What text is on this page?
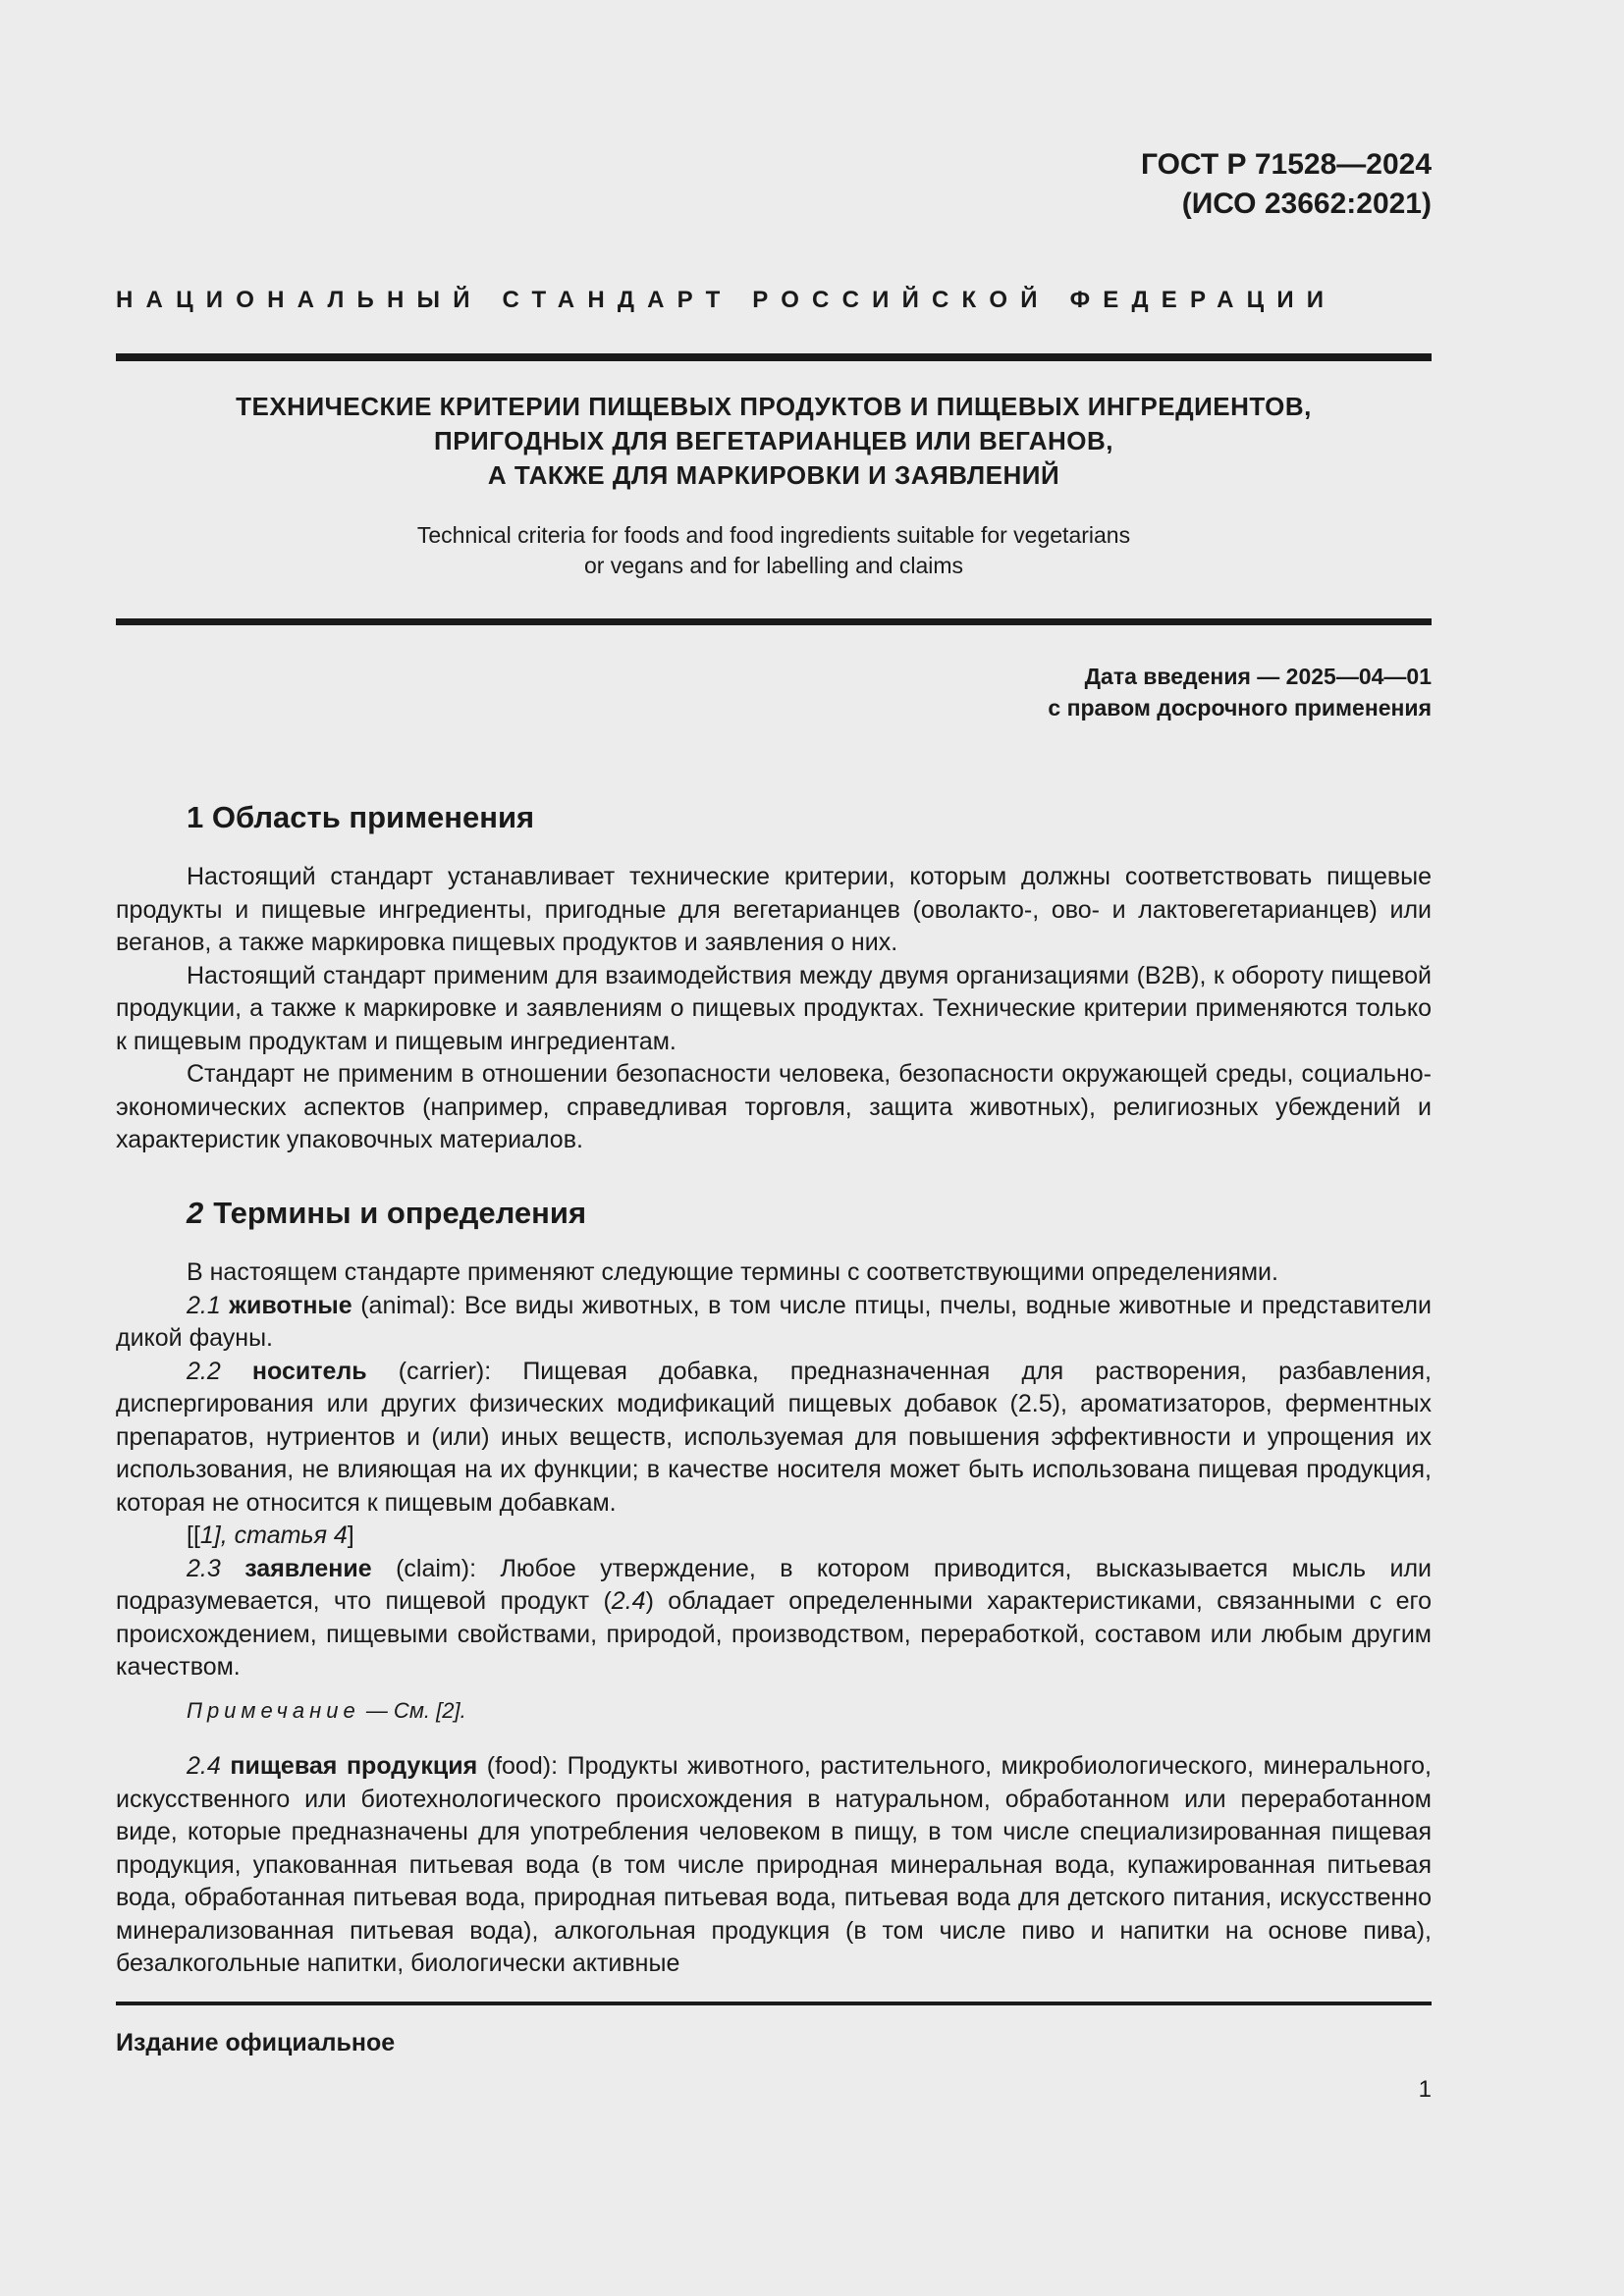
ГОСТ Р 71528—2024
(ИСО 23662:2021)
НАЦИОНАЛЬНЫЙ СТАНДАРТ РОССИЙСКОЙ ФЕДЕРАЦИИ
ТЕХНИЧЕСКИЕ КРИТЕРИИ ПИЩЕВЫХ ПРОДУКТОВ И ПИЩЕВЫХ ИНГРЕДИЕНТОВ,
ПРИГОДНЫХ ДЛЯ ВЕГЕТАРИАНЦЕВ ИЛИ ВЕГАНОВ,
А ТАКЖЕ ДЛЯ МАРКИРОВКИ И ЗАЯВЛЕНИЙ
Technical criteria for foods and food ingredients suitable for vegetarians
or vegans and for labelling and claims
Дата введения — 2025—04—01
с правом досрочного применения
1 Область применения

Настоящий стандарт устанавливает технические критерии, которым должны соответствовать пищевые продукты и пищевые ингредиенты, пригодные для вегетарианцев (оволакто-, ово- и лактовегетарианцев) или веганов, а также маркировка пищевых продуктов и заявления о них.

Настоящий стандарт применим для взаимодействия между двумя организациями (B2B), к обороту пищевой продукции, а также к маркировке и заявлениям о пищевых продуктах. Технические критерии применяются только к пищевым продуктам и пищевым ингредиентам.

Стандарт не применим в отношении безопасности человека, безопасности окружающей среды, социально-экономических аспектов (например, справедливая торговля, защита животных), религиозных убеждений и характеристик упаковочных материалов.

2 Термины и определения

В настоящем стандарте применяют следующие термины с соответствующими определениями.

2.1 животные (animal): Все виды животных, в том числе птицы, пчелы, водные животные и представители дикой фауны.

2.2 носитель (carrier): Пищевая добавка, предназначенная для растворения, разбавления, диспергирования или других физических модификаций пищевых добавок (2.5), ароматизаторов, ферментных препаратов, нутриентов и (или) иных веществ, используемая для повышения эффективности и упрощения их использования, не влияющая на их функции; в качестве носителя может быть использована пищевая продукция, которая не относится к пищевым добавкам.

[[1], статья 4]

2.3 заявление (claim): Любое утверждение, в котором приводится, высказывается мысль или подразумевается, что пищевой продукт (2.4) обладает определенными характеристиками, связанными с его происхождением, пищевыми свойствами, природой, производством, переработкой, составом или любым другим качеством.

Примечание — См. [2].

2.4 пищевая продукция (food): Продукты животного, растительного, микробиологического, минерального, искусственного или биотехнологического происхождения в натуральном, обработанном или переработанном виде, которые предназначены для употребления человеком в пищу, в том числе специализированная пищевая продукция, упакованная питьевая вода (в том числе природная минеральная вода, купажированная питьевая вода, обработанная питьевая вода, природная питьевая вода, питьевая вода для детского питания, искусственно минерализованная питьевая вода), алкогольная продукция (в том числе пиво и напитки на основе пива), безалкогольные напитки, биологически активные

Издание официальное
1
